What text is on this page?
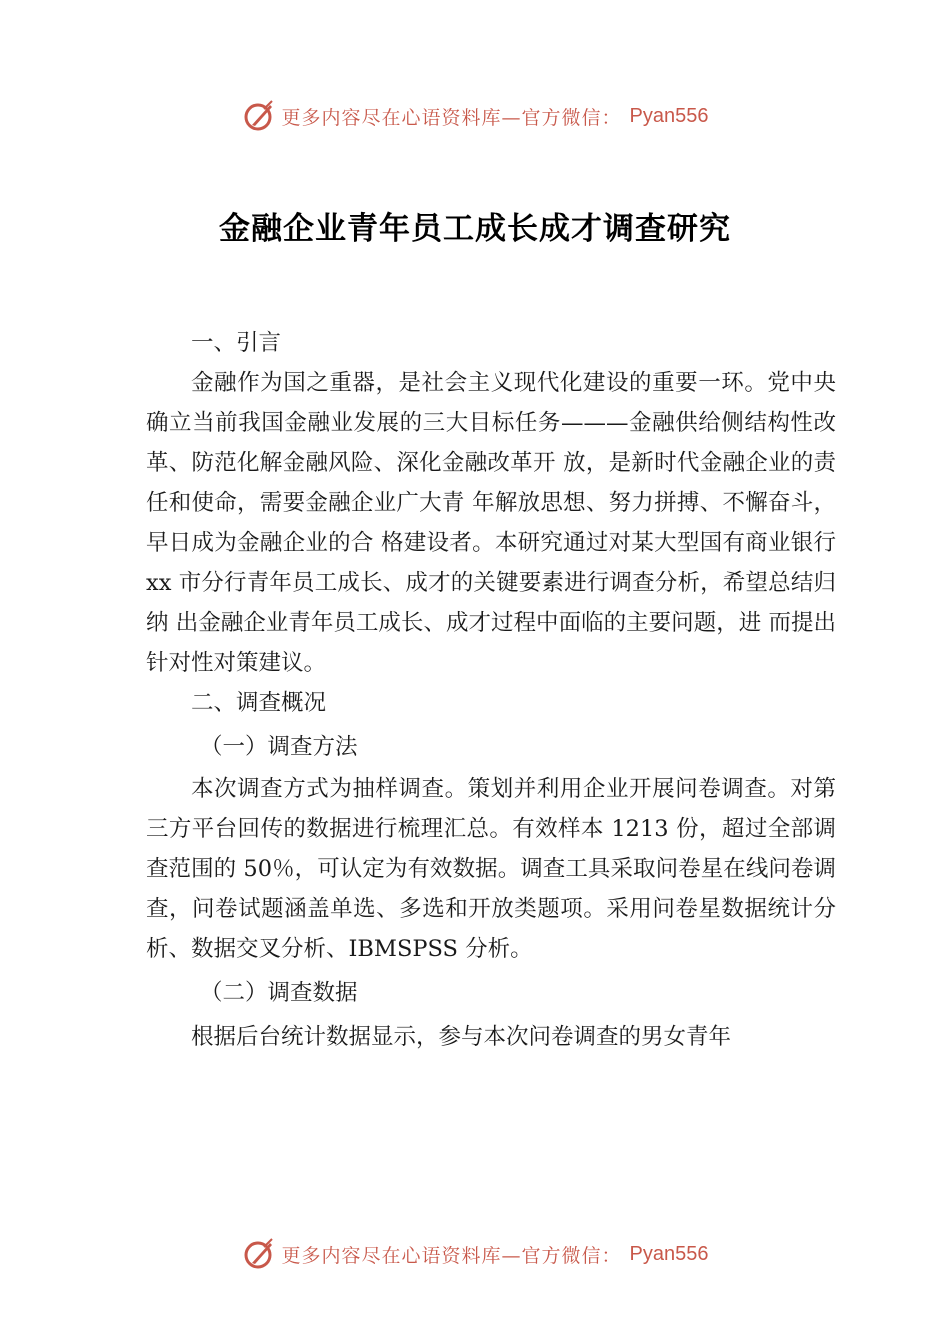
更多内容尽在心语资料库—官方微信： Pyan556
金融企业青年员工成长成才调查研究
一、引言

金融作为国之重器，是社会主义现代化建设的重要一环。党中央确立当前我国金融业发展的三大目标任务———金融供给侧结构性改革、防范化解金融风险、深化金融改革开 放，是新时代金融企业的责任和使命，需要金融企业广大青 年解放思想、努力拼搏、不懈奋斗，早日成为金融企业的合 格建设者。本研究通过对某大型国有商业银行 xx 市分行青年员工成长、成才的关键要素进行调查分析，希望总结归纳 出金融企业青年员工成长、成才过程中面临的主要问题，进 而提出针对性对策建议。

二、调查概况
（一）调查方法

本次调查方式为抽样调查。策划并利用企业开展问卷调查。对第三方平台回传的数据进行梳理汇总。有效样本 1213 份，超过全部调查范围的 50％，可认定为有效数据。调查工具采取问卷星在线问卷调查，问卷试题涵盖单选、多选和开放类题项。采用问卷星数据统计分析、数据交叉分析、IBMSPSS 分析。

（二）调查数据

根据后台统计数据显示，参与本次问卷调查的男女青年

更多内容尽在心语资料库—官方微信： Pyan556
